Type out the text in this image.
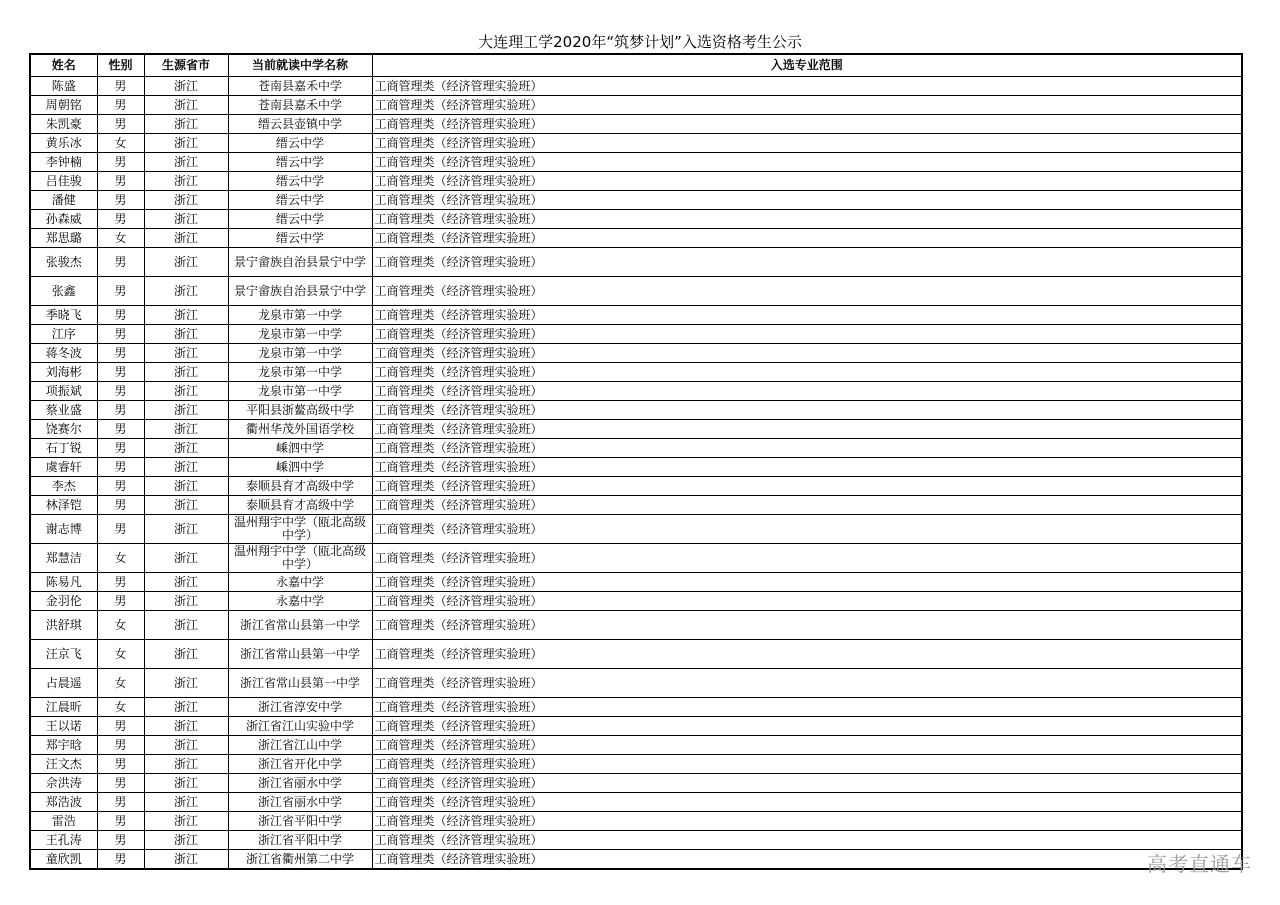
大连理工学2020年“筑梦计划”入选资格考生公示
姓名	性别	生源省市	当前就读中学名称	入选专业范围
陈盛	男	浙江	苍南县嘉禾中学	工商管理类（经济管理实验班）
周朝铭	男	浙江	苍南县嘉禾中学	工商管理类（经济管理实验班）
朱凯豪	男	浙江	缙云县壶镇中学	工商管理类（经济管理实验班）
黄乐冰	女	浙江	缙云中学	工商管理类（经济管理实验班）
李钟楠	男	浙江	缙云中学	工商管理类（经济管理实验班）
吕佳骏	男	浙江	缙云中学	工商管理类（经济管理实验班）
潘健	男	浙江	缙云中学	工商管理类（经济管理实验班）
孙森威	男	浙江	缙云中学	工商管理类（经济管理实验班）
郑思璐	女	浙江	缙云中学	工商管理类（经济管理实验班）
张骏杰	男	浙江	景宁畲族自治县景宁中学	工商管理类（经济管理实验班）
张鑫	男	浙江	景宁畲族自治县景宁中学	工商管理类（经济管理实验班）
季晓飞	男	浙江	龙泉市第一中学	工商管理类（经济管理实验班）
江序	男	浙江	龙泉市第一中学	工商管理类（经济管理实验班）
蒋冬波	男	浙江	龙泉市第一中学	工商管理类（经济管理实验班）
刘海彬	男	浙江	龙泉市第一中学	工商管理类（经济管理实验班）
项振斌	男	浙江	龙泉市第一中学	工商管理类（经济管理实验班）
蔡业盛	男	浙江	平阳县浙鳌高级中学	工商管理类（经济管理实验班）
饶赛尔	男	浙江	衢州华茂外国语学校	工商管理类（经济管理实验班）
石丁锐	男	浙江	嵊泗中学	工商管理类（经济管理实验班）
虞睿轩	男	浙江	嵊泗中学	工商管理类（经济管理实验班）
李杰	男	浙江	泰顺县育才高级中学	工商管理类（经济管理实验班）
林泽铠	男	浙江	泰顺县育才高级中学	工商管理类（经济管理实验班）
谢志博	男	浙江	温州翔宇中学（瓯北高级中学）	工商管理类（经济管理实验班）
郑慧洁	女	浙江	温州翔宇中学（瓯北高级中学）	工商管理类（经济管理实验班）
陈易凡	男	浙江	永嘉中学	工商管理类（经济管理实验班）
金羽伦	男	浙江	永嘉中学	工商管理类（经济管理实验班）
洪舒琪	女	浙江	浙江省常山县第一中学	工商管理类（经济管理实验班）
汪京飞	女	浙江	浙江省常山县第一中学	工商管理类（经济管理实验班）
占晨遥	女	浙江	浙江省常山县第一中学	工商管理类（经济管理实验班）
江晨昕	女	浙江	浙江省淳安中学	工商管理类（经济管理实验班）
王以诺	男	浙江	浙江省江山实验中学	工商管理类（经济管理实验班）
郑宇晗	男	浙江	浙江省江山中学	工商管理类（经济管理实验班）
汪文杰	男	浙江	浙江省开化中学	工商管理类（经济管理实验班）
佘洪涛	男	浙江	浙江省丽水中学	工商管理类（经济管理实验班）
郑浩波	男	浙江	浙江省丽水中学	工商管理类（经济管理实验班）
雷浩	男	浙江	浙江省平阳中学	工商管理类（经济管理实验班）
王孔涛	男	浙江	浙江省平阳中学	工商管理类（经济管理实验班）
童欣凯	男	浙江	浙江省衢州第二中学	工商管理类（经济管理实验班）	高考直通车
